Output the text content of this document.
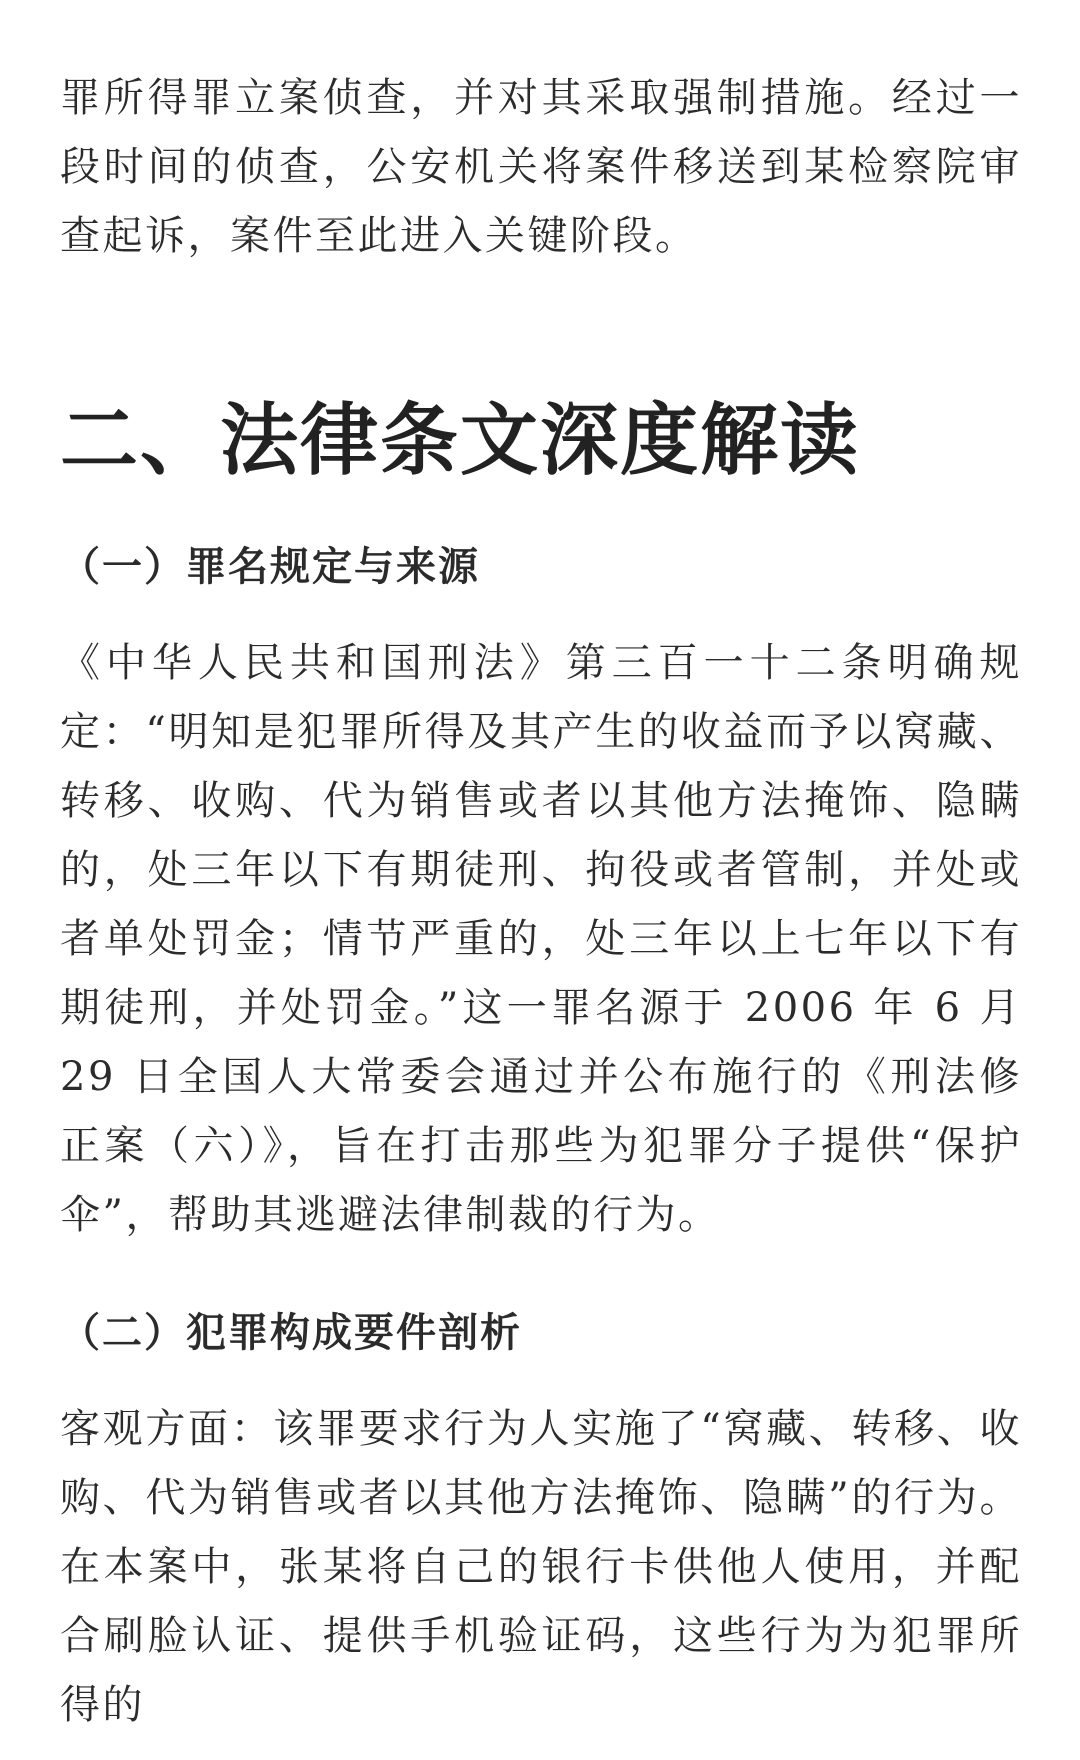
罪所得罪立案侦查，并对其采取强制措施。经过一段时间的侦查，公安机关将案件移送到某检察院审查起诉，案件至此进入关键阶段。

二、法律条文深度解读
（一）罪名规定与来源

《中华人民共和国刑法》第三百一十二条明确规定：“明知是犯罪所得及其产生的收益而予以窝藏、转移、收购、代为销售或者以其他方法掩饰、隐瞒的，处三年以下有期徒刑、拘役或者管制，并处或者单处罚金；情节严重的，处三年以上七年以下有期徒刑，并处罚金。”这一罪名源于 2006 年 6 月 29 日全国人大常委会通过并公布施行的《刑法修正案（六）》，旨在打击那些为犯罪分子提供“保护伞”，帮助其逃避法律制裁的行为。

（二）犯罪构成要件剖析

客观方面：该罪要求行为人实施了“窝藏、转移、收购、代为销售或者以其他方法掩饰、隐瞒”的行为。在本案中，张某将自己的银行卡供他人使用，并配合刷脸认证、提供手机验证码，这些行为为犯罪所得的
